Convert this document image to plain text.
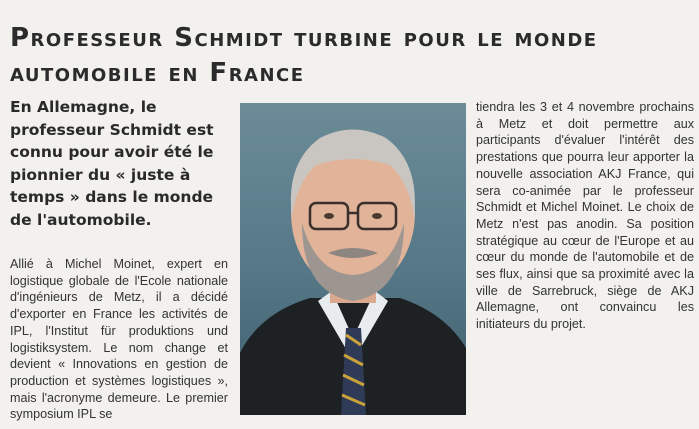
Professeur Schmidt turbine pour le monde automobile en France
En Allemagne, le professeur Schmidt est connu pour avoir été le pionnier du « juste à temps » dans le monde de l'automobile.
Allié à Michel Moinet, expert en logistique globale de l'Ecole nationale d'ingénieurs de Metz, il a décidé d'exporter en France les activités de IPL, l'Institut für produktions und logistiksystem. Le nom change et devient « Innovations en gestion de production et systèmes logistiques », mais l'acronyme demeure. Le premier symposium IPL se
tiendra les 3 et 4 novembre prochains à Metz et doit permettre aux participants d'évaluer l'intérêt des prestations que pourra leur apporter la nouvelle association AKJ France, qui sera co-animée par le professeur Schmidt et Michel Moinet. Le choix de Metz n'est pas anodin. Sa position stratégique au cœur de l'Europe et au cœur du monde de l'automobile et de ses flux, ainsi que sa proximité avec la ville de Sarrebruck, siège de AKJ Allemagne, ont convaincu les initiateurs du projet.
